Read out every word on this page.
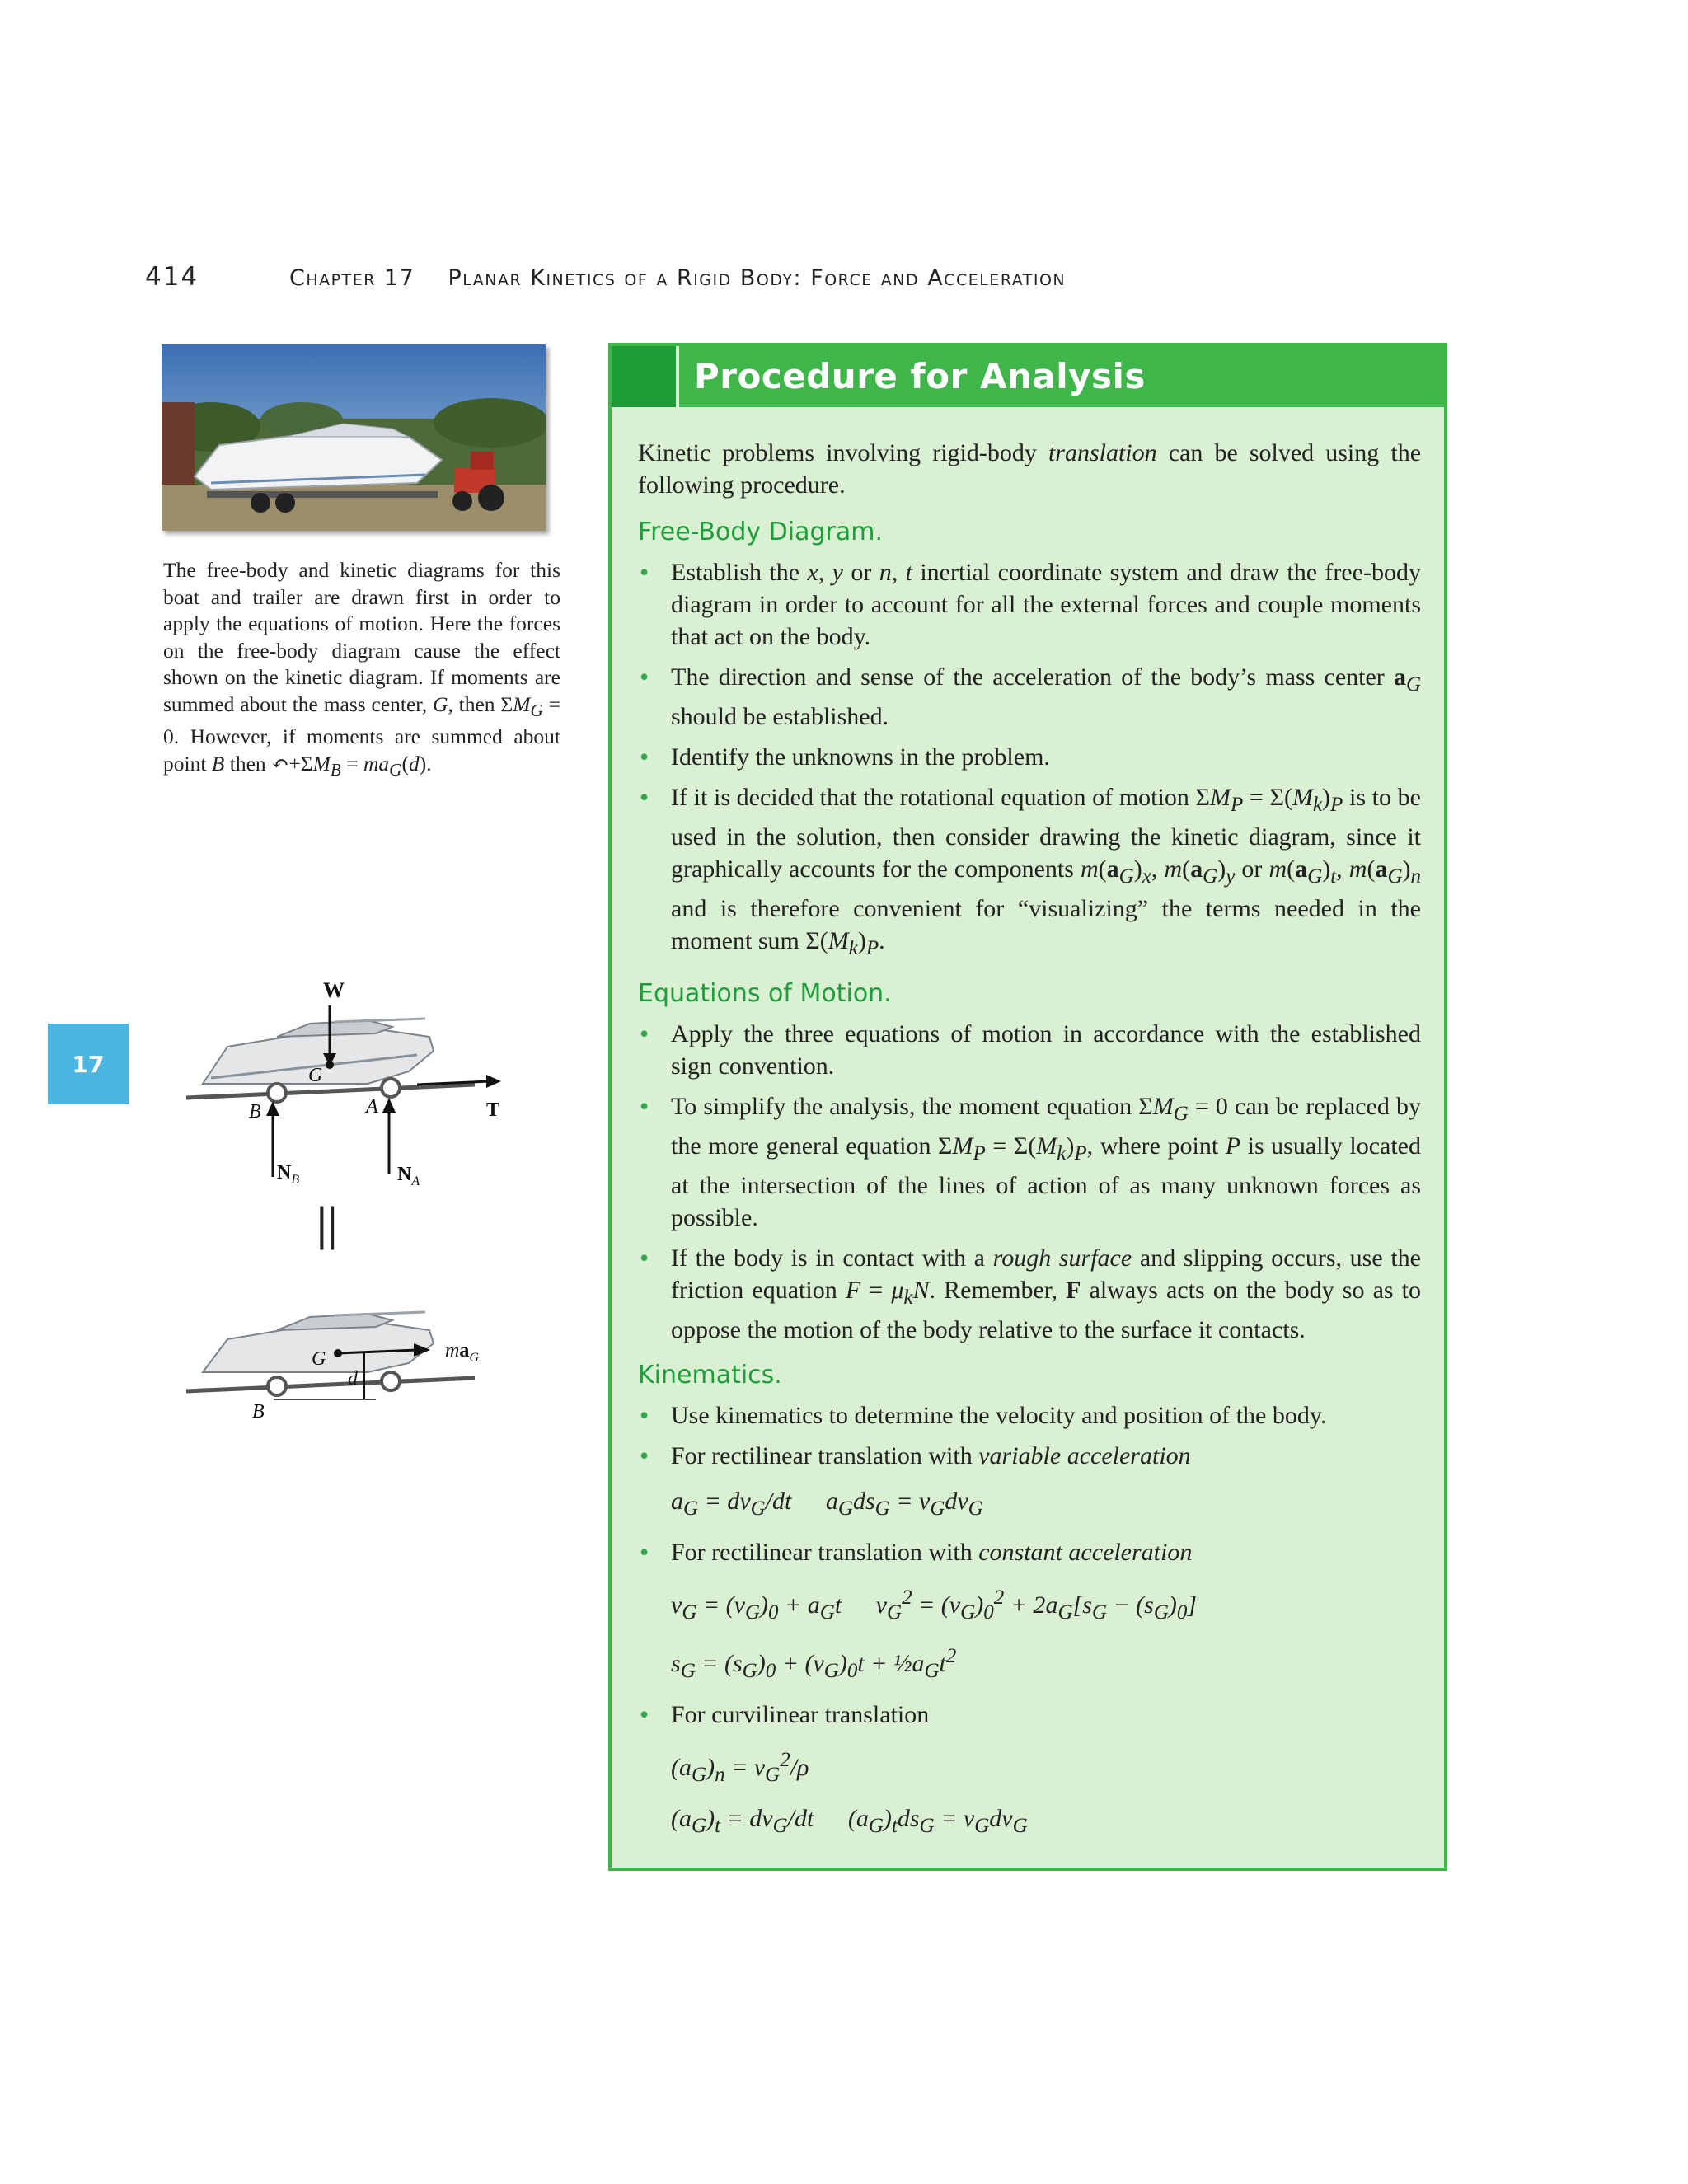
414	Chapter 17 Planar Kinetics of a Rigid Body: Force and Acceleration
The free-body and kinetic diagrams for this boat and trailer are drawn first in order to apply the equations of motion. Here the forces on the free-body diagram cause the effect shown on the kinetic diagram. If moments are summed about the mass center, G, then $\Sigma M_G = 0$. However, if moments are summed about point B then $↶+\Sigma M_B = ma_G(d)$.
17
W
G
T
B	A
$N_B$	$N_A$
||
G
d
$ma_G$
B
Procedure for Analysis

Kinetic problems involving rigid-body translation can be solved using the following procedure.

Free-Body Diagram.
• Establish the x, y or n, t inertial coordinate system and draw the free-body diagram in order to account for all the external forces and couple moments that act on the body.
• The direction and sense of the acceleration of the body’s mass center $a_G$ should be established.
• Identify the unknowns in the problem.
• If it is decided that the rotational equation of motion $\Sigma M_P = \Sigma(M_k)_P$ is to be used in the solution, then consider drawing the kinetic diagram, since it graphically accounts for the components $m(a_G)_x$, $m(a_G)_y$ or $m(a_G)_t$, $m(a_G)_n$ and is therefore convenient for “visualizing” the terms needed in the moment sum $\Sigma(M_k)_P$.
Equations of Motion.
• Apply the three equations of motion in accordance with the established sign convention.
• To simplify the analysis, the moment equation $\Sigma M_G = 0$ can be replaced by the more general equation $\Sigma M_P = \Sigma(M_k)_P$, where point P is usually located at the intersection of the lines of action of as many unknown forces as possible.
• If the body is in contact with a rough surface and slipping occurs, use the friction equation $F = \mu_kN$. Remember, F always acts on the body so as to oppose the motion of the body relative to the surface it contacts.
Kinematics.
• Use kinematics to determine the velocity and position of the body.
• For rectilinear translation with variable acceleration
$a_G = dv_G/dt$ $a_Gds_G = v_Gdv_G$
• For rectilinear translation with constant acceleration
$v_G = (v_G)_0 + a_Gt$ $v_G^2 = (v_G)_0^2 + 2a_G[s_G - (s_G)_0]$
$s_G = (s_G)_0 + (v_G)_0t$ + $\frac{1}{2}a_Gt^2$
• For curvilinear translation
$(a_G)_n = v_G^2/\rho$
$(a_G)_t = dv_G/dt$ $(a_G)_tds_G = v_Gdv_G$
